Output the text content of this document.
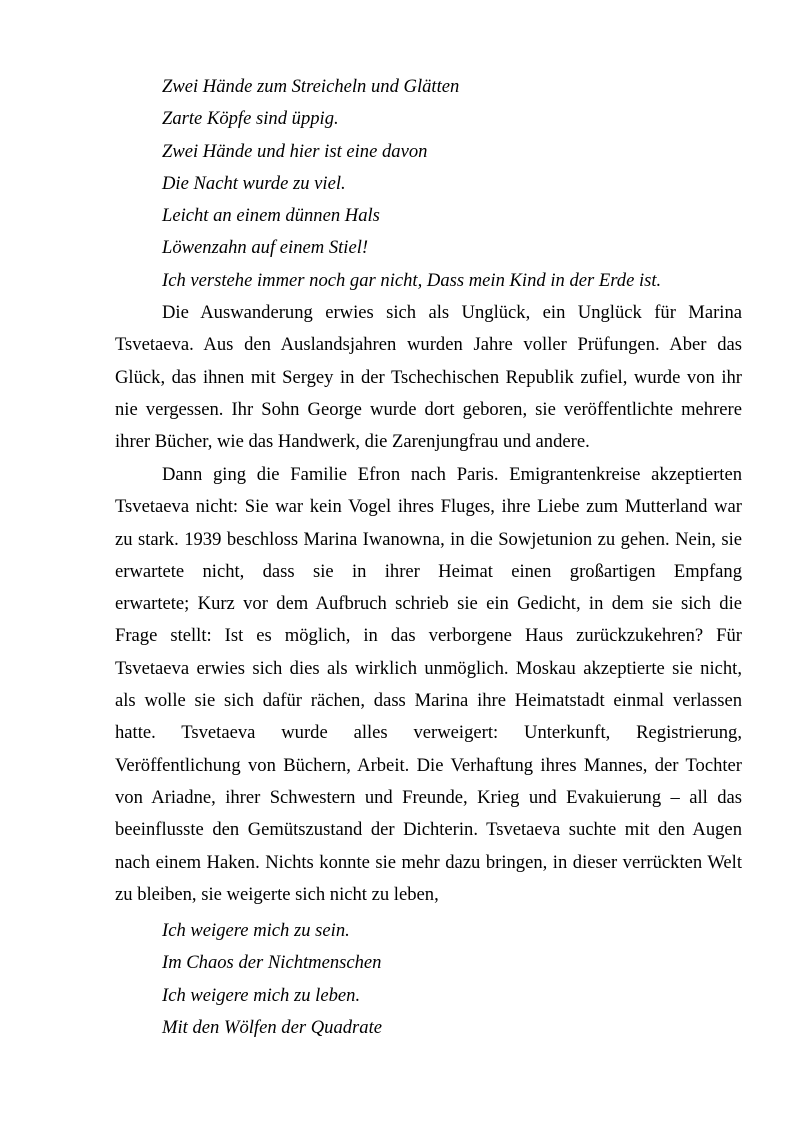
Zwei Hände zum Streicheln und Glätten
Zarte Köpfe sind üppig.
Zwei Hände und hier ist eine davon
Die Nacht wurde zu viel.
Leicht an einem dünnen Hals
Löwenzahn auf einem Stiel!
Ich verstehe immer noch gar nicht, Dass mein Kind in der Erde ist.
Die Auswanderung erwies sich als Unglück, ein Unglück für Marina
Tsvetaeva. Aus den Auslandsjahren wurden Jahre voller Prüfungen. Aber das
Glück, das ihnen mit Sergey in der Tschechischen Republik zufiel, wurde von ihr
nie vergessen. Ihr Sohn George wurde dort geboren, sie veröffentlichte mehrere
ihrer Bücher, wie das Handwerk, die Zarenjungfrau und andere.
Dann ging die Familie Efron nach Paris. Emigrantenkreise akzeptierten
Tsvetaeva nicht: Sie war kein Vogel ihres Fluges, ihre Liebe zum Mutterland war
zu stark. 1939 beschloss Marina Iwanowna, in die Sowjetunion zu gehen. Nein, sie
erwartete nicht, dass sie in ihrer Heimat einen großartigen Empfang
erwartete; Kurz vor dem Aufbruch schrieb sie ein Gedicht, in dem sie sich die
Frage stellt: Ist es möglich, in das verborgene Haus zurückzukehren? Für
Tsvetaeva erwies sich dies als wirklich unmöglich. Moskau akzeptierte sie nicht,
als wolle sie sich dafür rächen, dass Marina ihre Heimatstadt einmal verlassen
hatte. Tsvetaeva wurde alles verweigert: Unterkunft, Registrierung,
Veröffentlichung von Büchern, Arbeit. Die Verhaftung ihres Mannes, der Tochter
von Ariadne, ihrer Schwestern und Freunde, Krieg und Evakuierung – all das
beeinflusste den Gemütszustand der Dichterin. Tsvetaeva suchte mit den Augen
nach einem Haken. Nichts konnte sie mehr dazu bringen, in dieser verrückten Welt
zu bleiben, sie weigerte sich nicht zu leben,
Ich weigere mich zu sein.
Im Chaos der Nichtmenschen
Ich weigere mich zu leben.
Mit den Wölfen der Quadrate
